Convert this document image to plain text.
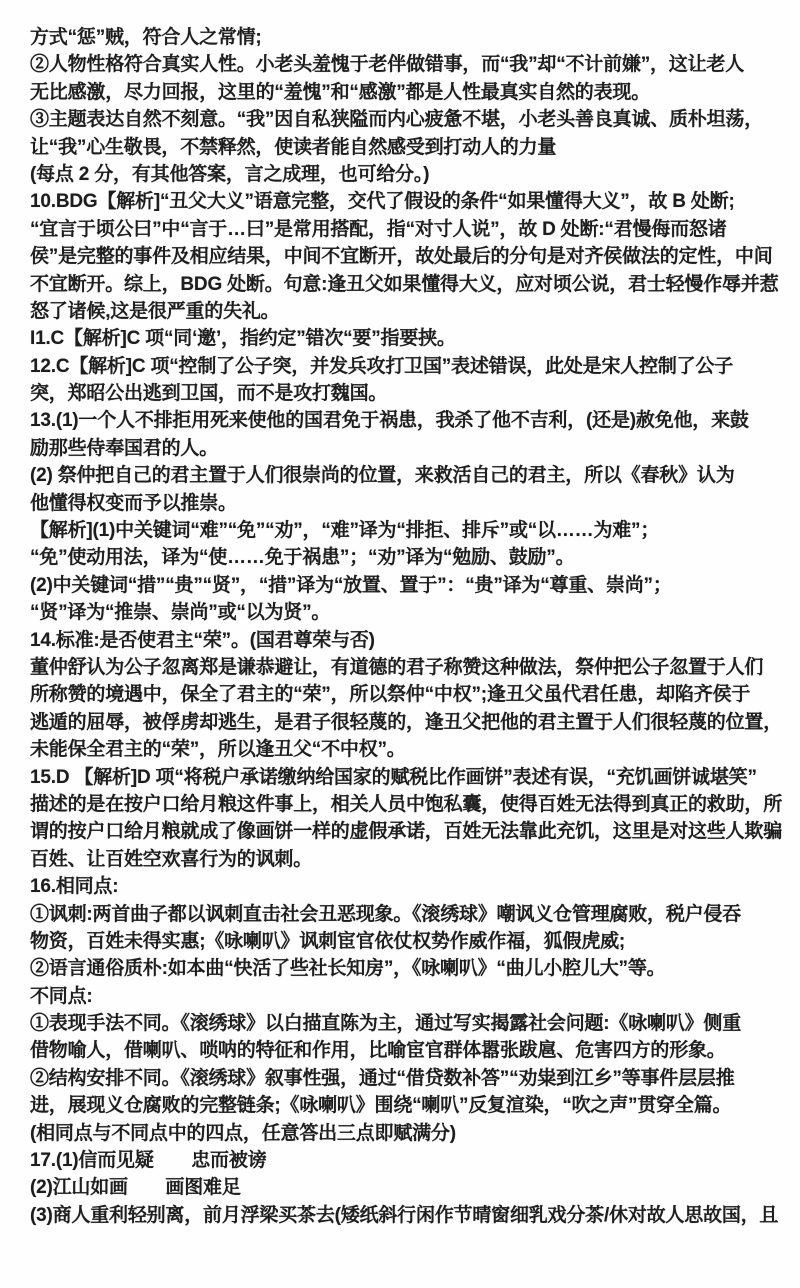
方式“惩”贼，符合人之常情;
②人物性格符合真实人性。小老头羞愧于老伴做错事，而“我”却“不计前嫌”，这让老人
无比感激，尽力回报，这里的“羞愧”和“感激”都是人性最真实自然的表现。
③主题表达自然不刻意。“我”因自私狭隘而内心疲惫不堪，小老头善良真诚、质朴坦荡，
让“我”心生敬畏，不禁释然，使读者能自然感受到打动人的力量
(每点 2 分，有其他答案，言之成理，也可给分。)
10.BDG【解析]“丑父大义”语意完整，交代了假设的条件“如果懂得大义”，故 B 处断;
“宜言于顷公曰”中“言于…曰”是常用搭配，指“对寸人说”，故 D 处断:“君慢侮而怒诸
侯”是完整的事件及相应结果，中间不宜断开，故处最后的分句是对齐侯做法的定性，中间
不宜断开。综上，BDG 处断。句意:逢丑父如果懂得大义，应对顷公说，君士轻慢作辱并惹
怒了诸候,这是很严重的失礼。
I1.C【解析]C 项“同‘邀’，指约定”错次“要”指要挟。
12.C【解析]C 项“控制了公子突，并发兵攻打卫国”表述错误，此处是宋人控制了公子
突，郑昭公出逃到卫国，而不是攻打魏国。
13.(1)一个人不排拒用死来使他的国君免于祸患，我杀了他不吉利，(还是)赦免他，来鼓
励那些侍奉国君的人。
(2) 祭仲把自己的君主置于人们很崇尚的位置，来救活自己的君主，所以《春秋》认为
他懂得权变而予以推崇。
【解析](1)中关键词“难”“免”“劝”，“难”译为“排拒、排斥”或“以……为难”；
“免”使动用法，译为“使……免于祸患”；“劝”译为“勉励、鼓励”。
(2)中关键词“措”“贵”“贤”，“措”译为“放置、置于”：“贵”译为“尊重、崇尚”；
“贤”译为“推崇、崇尚”或“以为贤”。
14.标准:是否使君主“荣”。(国君尊荣与否)
董仲舒认为公子忽离郑是谦恭避让，有道德的君子称赞这种做法，祭仲把公子忽置于人们
所称赞的境遇中，保全了君主的“荣”，所以祭仲“中权”;逢丑父虽代君任患，却陷齐侯于
逃遁的屈辱，被俘虏却逃生，是君子很轻蔑的，逢丑父把他的君主置于人们很轻蔑的位置，
未能保全君主的“荣”，所以逢丑父“不中权”。
15.D 【解析]D 项“将税户承诺缴纳给国家的赋税比作画饼”表述有误，“充饥画饼诚堪笑”
描述的是在按户口给月粮这件事上，相关人员中饱私囊，使得百姓无法得到真正的救助，所
谓的按户口给月粮就成了像画饼一样的虚假承诺，百姓无法靠此充饥，这里是对这些人欺骗
百姓、让百姓空欢喜行为的讽刺。
16.相同点:
①讽刺:两首曲子都以讽刺直击社会丑恶现象。《滚绣球》嘲讽义仓管理腐败，税户侵吞
物资，百姓未得实惠;《咏喇叭》讽刺宦官依仗权势作威作福，狐假虎威;
②语言通俗质朴:如本曲“快活了些社长知房”，《咏喇叭》“曲儿小腔儿大”等。
不同点:
①表现手法不同。《滚绣球》以白描直陈为主，通过写实揭露社会问题:《咏喇叭》侧重
借物喻人，借喇叭、唢呐的特征和作用，比喻宦官群体嚣张跋扈、危害四方的形象。
②结构安排不同。《滚绣球》叙事性强，通过“借贷数补答”“劝粜到江乡”等事件层层推
进，展现义仓腐败的完整链条;《咏喇叭》围绕“喇叭”反复渲染，“吹之声”贯穿全篇。
(相同点与不同点中的四点，任意答出三点即赋满分)
17.(1)信而见疑　　忠而被谤
(2)江山如画　　画图难足
(3)商人重利轻别离，前月浮梁买茶去(矮纸斜行闲作节晴窗细乳戏分茶/休对故人思故国，且
